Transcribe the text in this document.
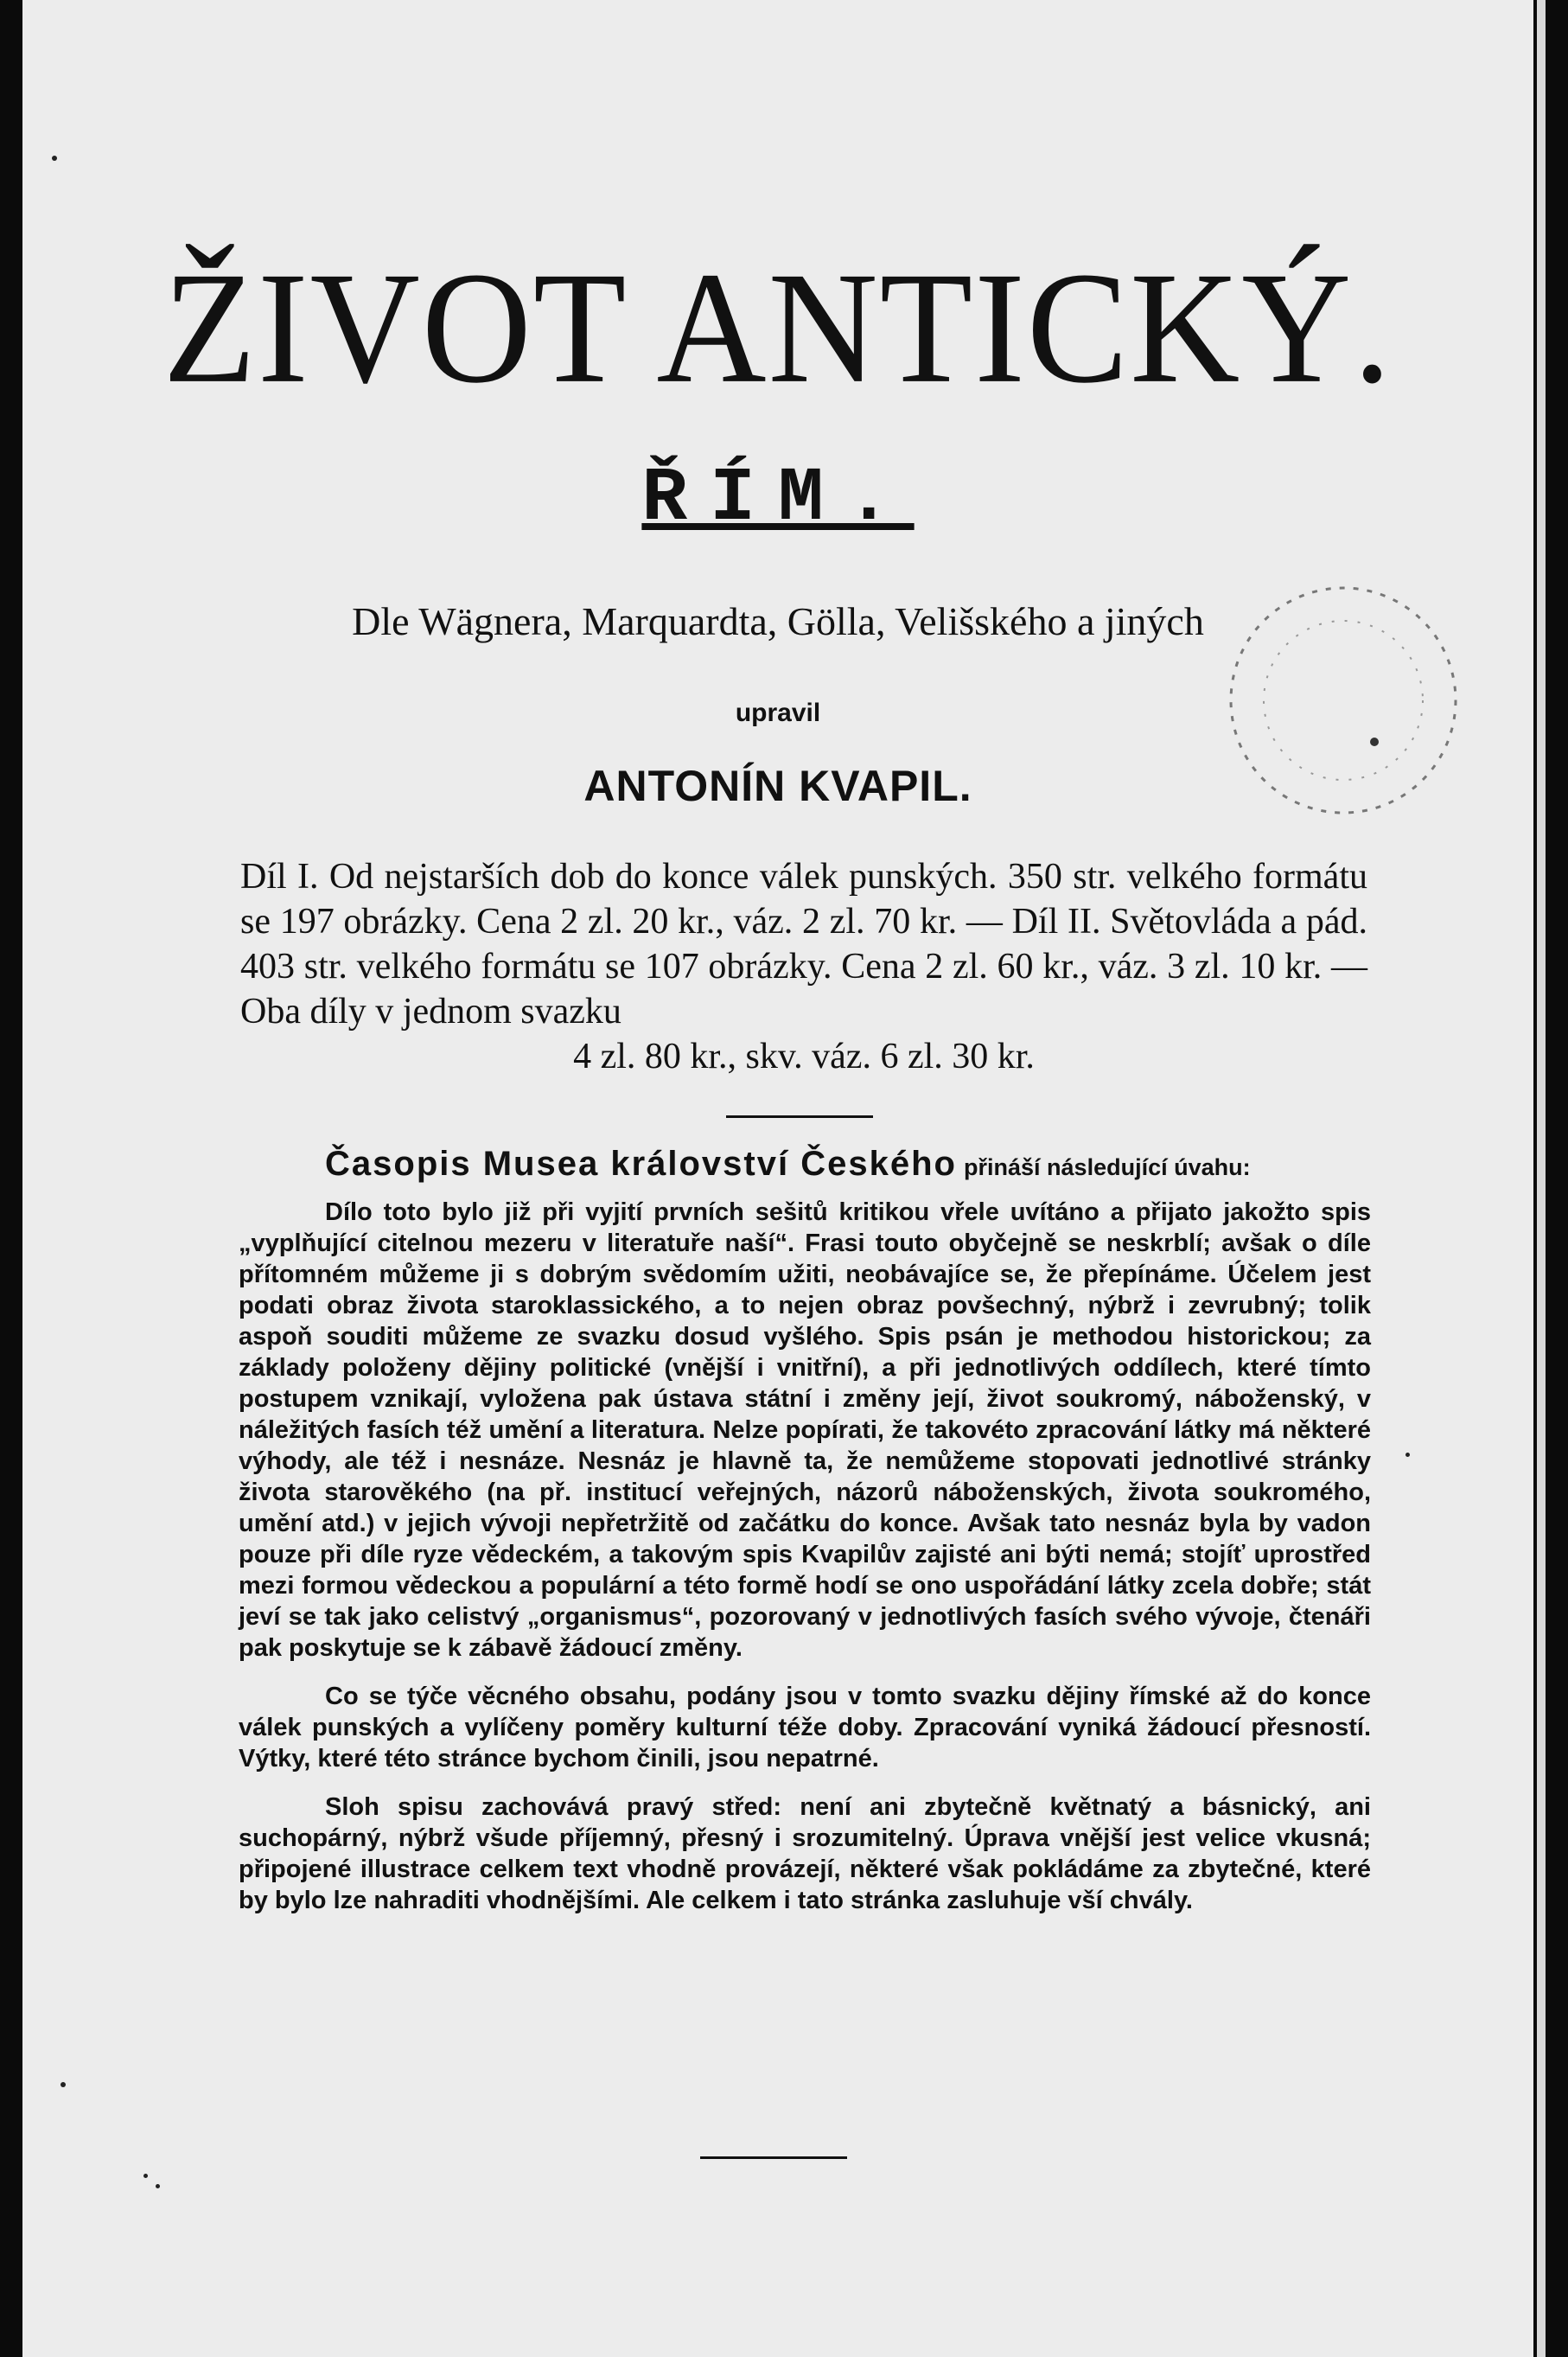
ŽIVOT ANTICKÝ.
ŘÍM.
Dle Wägnera, Marquardta, Gölla, Velišského a jiných
upravil
ANTONÍN KVAPIL.
Díl I. Od nejstarších dob do konce válek punských. 350 str. velkého formátu se 197 obrázky. Cena 2 zl. 20 kr., váz. 2 zl. 70 kr. — Díl II. Světovláda a pád. 403 str. velkého formátu se 107 obrázky. Cena 2 zl. 60 kr., váz. 3 zl. 10 kr. — Oba díly v jednom svazku
4 zl. 80 kr., skv. váz. 6 zl. 30 kr.

Časopis Musea království Českého přináší následující úvahu:

Dílo toto bylo již při vyjití prvních sešitů kritikou vřele uvítáno a přijato jakožto spis „vyplňující citelnou mezeru v literatuře naší“. Frasi touto obyčejně se neskrblí; avšak o díle přítomném můžeme ji s dobrým svědomím užiti, neobávajíce se, že přepínáme. Účelem jest podati obraz života staroklassického, a to nejen obraz povšechný, nýbrž i zevrubný; tolik aspoň souditi můžeme ze svazku dosud vyšlého. Spis psán je methodou historickou; za základy položeny dějiny politické (vnější i vnitřní), a při jednotlivých oddílech, které tímto postupem vznikají, vyložena pak ústava státní i změny její, život soukromý, náboženský, v náležitých fasích též umění a literatura. Nelze popírati, že takovéto zpracování látky má některé výhody, ale též i nesnáze. Nesnáz je hlavně ta, že nemůžeme stopovati jednotlivé stránky života starověkého (na př. institucí veřejných, názorů náboženských, života soukromého, umění atd.) v jejich vývoji nepřetržitě od začátku do konce. Avšak tato nesnáz byla by vadon pouze při díle ryze vědeckém, a takovým spis Kvapilův zajisté ani býti nemá; stojíť uprostřed mezi formou vědeckou a populární a této formě hodí se ono uspořádání látky zcela dobře; stát jeví se tak jako celistvý „organismus“, pozorovaný v jednotlivých fasích svého vývoje, čtenáři pak poskytuje se k zábavě žádoucí změny.

Co se týče věcného obsahu, podány jsou v tomto svazku dějiny římské až do konce válek punských a vylíčeny poměry kulturní téže doby. Zpracování vyniká žádoucí přesností. Výtky, které této stránce bychom činili, jsou nepatrné.

Sloh spisu zachovává pravý střed: není ani zbytečně květnatý a básnický, ani suchopárný, nýbrž všude příjemný, přesný i srozumitelný. Úprava vnější jest velice vkusná; připojené illustrace celkem text vhodně provázejí, některé však pokládáme za zbytečné, které by bylo lze nahraditi vhodnějšími. Ale celkem i tato stránka zasluhuje vší chvály.
